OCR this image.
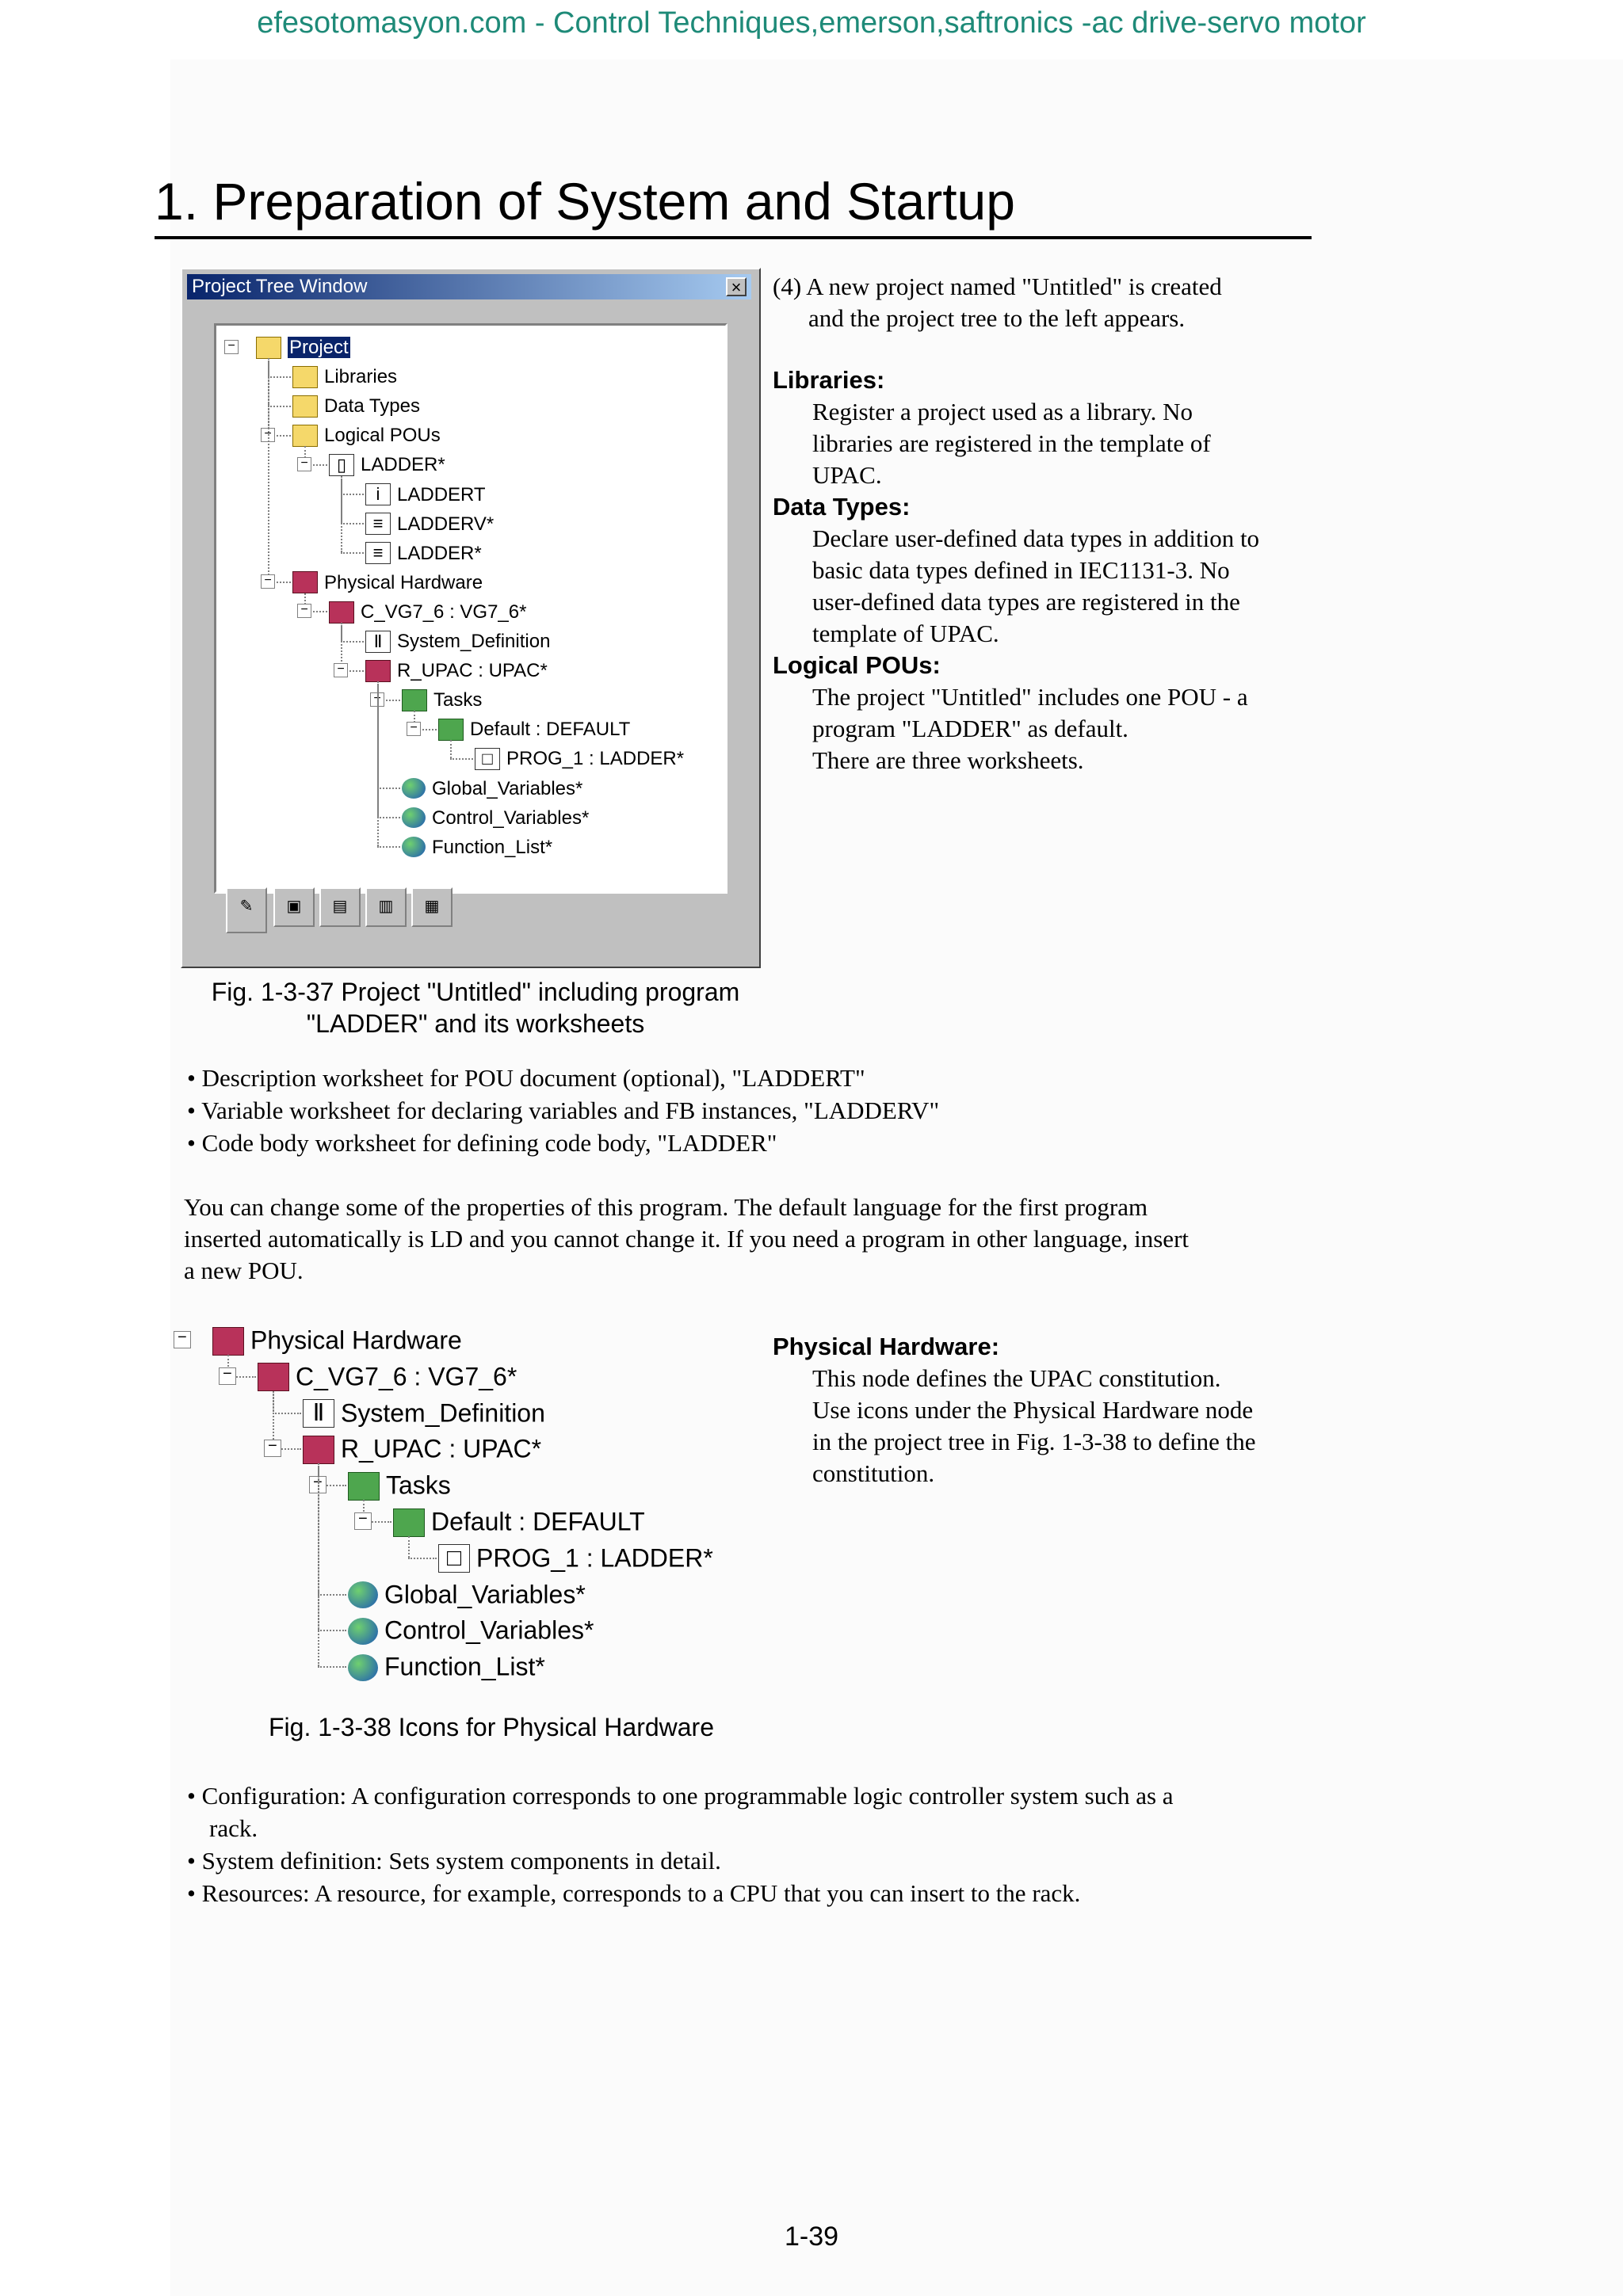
efesotomasyon.com - Control Techniques,emerson,saftronics -ac drive-servo motor
1. Preparation of System and Startup
Project Tree Window	×
Project
−
Libraries
Data Types
Logical POUs
−
▯ LADDER*
−
i LADDERT
≡ LADDERV*
≡ LADDER*
Physical Hardware
−
C_VG7_6 : VG7_6*
−
Ⅱ System_Definition
R_UPAC : UPAC*
−
Tasks
−
Default : DEFAULT
−
□ PROG_1 : LADDER*
Global_Variables*
Control_Variables*
Function_List*
✎	▣	▤	▥	▦
Fig. 1-3-37 Project "Untitled" including program
"LADDER" and its worksheets
(4) A new project named "Untitled" is created
and the project tree to the left appears.
Libraries:
Register a project used as a library. No
libraries are registered in the template of
UPAC.
Data Types:
Declare user-defined data types in addition to
basic data types defined in IEC1131-3. No
user-defined data types are registered in the
template of UPAC.
Logical POUs:
The project "Untitled" includes one POU - a
program "LADDER" as default.
There are three worksheets.
• Description worksheet for POU document (optional), "LADDERT"
• Variable worksheet for declaring variables and FB instances, "LADDERV"
• Code body worksheet for defining code body, "LADDER"
You can change some of the properties of this program. The default language for the first program
inserted automatically is LD and you cannot change it. If you need a program in other language, insert
a new POU.
Physical Hardware
−
C_VG7_6 : VG7_6*
−
Ⅱ System_Definition
R_UPAC : UPAC*
−
Tasks
−
Default : DEFAULT
−
□ PROG_1 : LADDER*
Global_Variables*
Control_Variables*
Function_List*
Fig. 1-3-38 Icons for Physical Hardware
Physical Hardware:
This node defines the UPAC constitution.
Use icons under the Physical Hardware node
in the project tree in Fig. 1-3-38 to define the
constitution.
• Configuration: A configuration corresponds to one programmable logic controller system such as a
rack.
• System definition: Sets system components in detail.
• Resources: A resource, for example, corresponds to a CPU that you can insert to the rack.
1-39
